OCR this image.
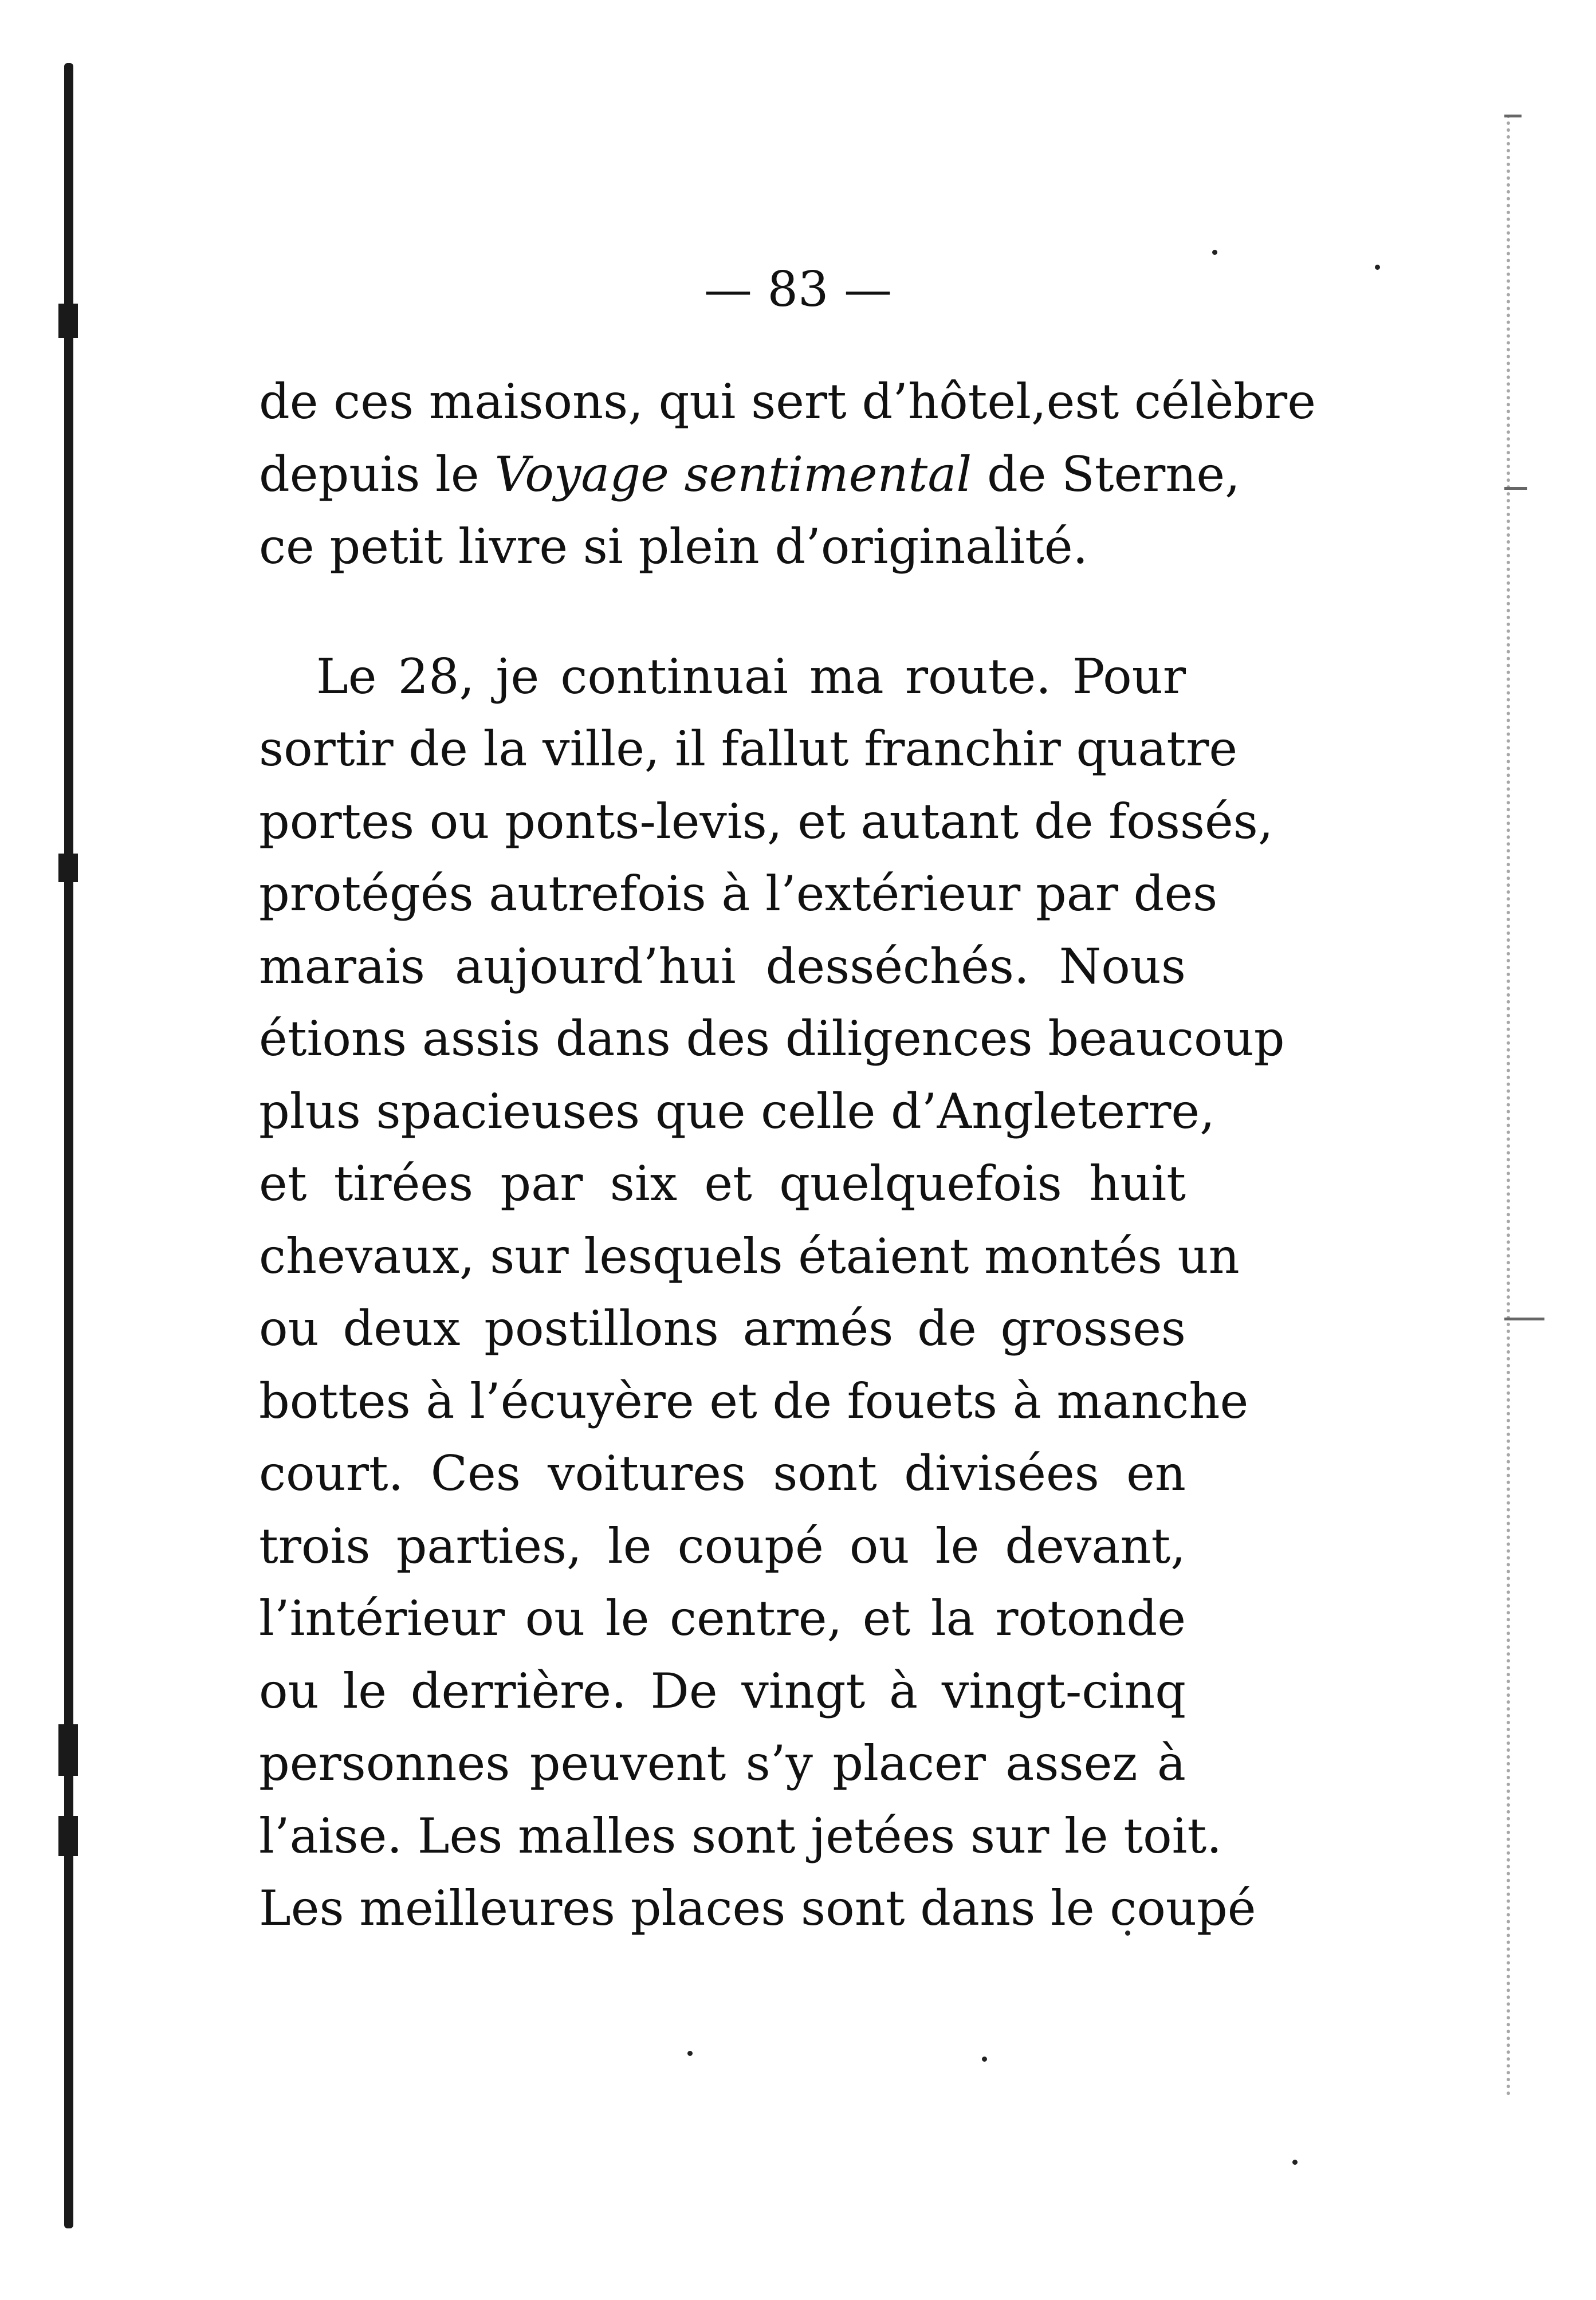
— 83 —
de ces maisons, qui sert d’hôtel,est célèbre
depuis le Voyage sentimental de Sterne,
ce petit livre si plein d’originalité.
Le 28, je continuai ma route. Pour
sortir de la ville, il fallut franchir quatre
portes ou ponts-levis, et autant de fossés,
protégés autrefois à l’extérieur par des
marais aujourd’hui desséchés. Nous
étions assis dans des diligences beaucoup
plus spacieuses que celle d’Angleterre,
et tirées par six et quelquefois huit
chevaux, sur lesquels étaient montés un
ou deux postillons armés de grosses
bottes à l’écuyère et de fouets à manche
court. Ces voitures sont divisées en
trois parties, le coupé ou le devant,
l’intérieur ou le centre, et la rotonde
ou le derrière. De vingt à vingt-cinq
personnes peuvent s’y placer assez à
l’aise. Les malles sont jetées sur le toit.
Les meilleures places sont dans le coupé
